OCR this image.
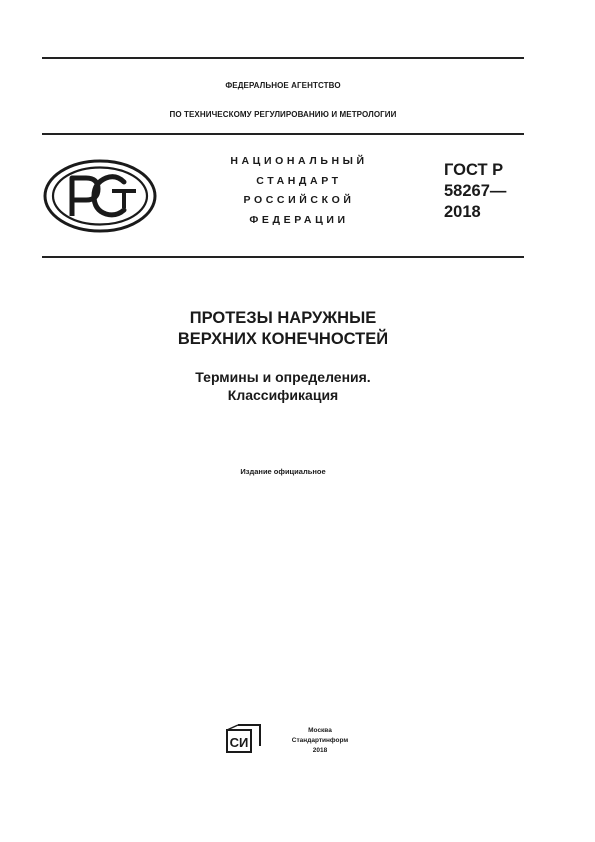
ФЕДЕРАЛЬНОЕ АГЕНТСТВО
ПО ТЕХНИЧЕСКОМУ РЕГУЛИРОВАНИЮ И МЕТРОЛОГИИ
НАЦИОНАЛЬНЫЙ
СТАНДАРТ
РОССИЙСКОЙ
ФЕДЕРАЦИИ
ГОСТ Р
58267—
2018
ПРОТЕЗЫ НАРУЖНЫЕ
ВЕРХНИХ КОНЕЧНОСТЕЙ
Термины и определения.
Классификация
Издание официальное
СИ
Москва
Стандартинформ
2018
